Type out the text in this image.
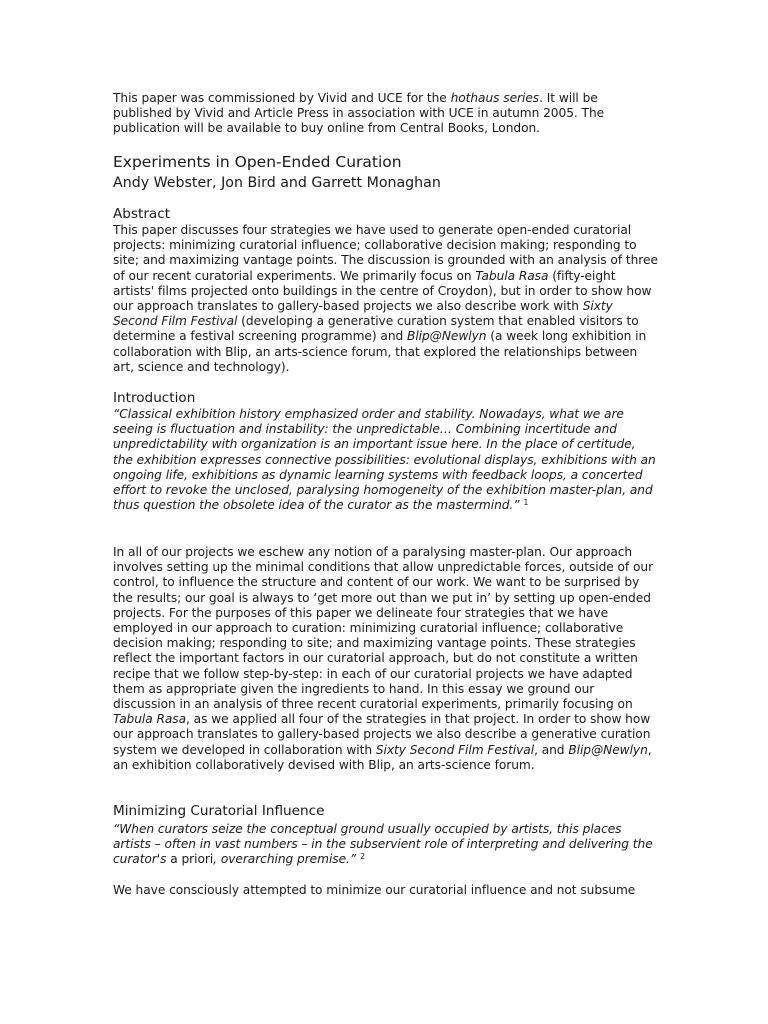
This paper was commissioned by Vivid and UCE for the hothaus series. It will be published by Vivid and Article Press in association with UCE in autumn 2005. The publication will be available to buy online from Central Books, London.

Experiments in Open-Ended Curation
Andy Webster, Jon Bird and Garrett Monaghan
Abstract

This paper discusses four strategies we have used to generate open-ended curatorial projects: minimizing curatorial influence; collaborative decision making; responding to site; and maximizing vantage points. The discussion is grounded with an analysis of three of our recent curatorial experiments. We primarily focus on Tabula Rasa (fifty-eight artists' films projected onto buildings in the centre of Croydon), but in order to show how our approach translates to gallery-based projects we also describe work with Sixty Second Film Festival (developing a generative curation system that enabled visitors to determine a festival screening programme) and Blip@Newlyn (a week long exhibition in collaboration with Blip, an arts-science forum, that explored the relationships between art, science and technology).

Introduction

“Classical exhibition history emphasized order and stability. Nowadays, what we are seeing is fluctuation and instability: the unpredictable… Combining incertitude and unpredictability with organization is an important issue here. In the place of certitude, the exhibition expresses connective possibilities: evolutional displays, exhibitions with an ongoing life, exhibitions as dynamic learning systems with feedback loops, a concerted effort to revoke the unclosed, paralysing homogeneity of the exhibition master-plan, and thus question the obsolete idea of the curator as the mastermind.” $^1$

In all of our projects we eschew any notion of a paralysing master-plan. Our approach involves setting up the minimal conditions that allow unpredictable forces, outside of our control, to influence the structure and content of our work. We want to be surprised by the results; our goal is always to ‘get more out than we put in’ by setting up open-ended projects. For the purposes of this paper we delineate four strategies that we have employed in our approach to curation: minimizing curatorial influence; collaborative decision making; responding to site; and maximizing vantage points. These strategies reflect the important factors in our curatorial approach, but do not constitute a written recipe that we follow step-by-step: in each of our curatorial projects we have adapted them as appropriate given the ingredients to hand. In this essay we ground our discussion in an analysis of three recent curatorial experiments, primarily focusing on Tabula Rasa, as we applied all four of the strategies in that project. In order to show how our approach translates to gallery-based projects we also describe a generative curation system we developed in collaboration with Sixty Second Film Festival, and Blip@Newlyn, an exhibition collaboratively devised with Blip, an arts-science forum.

Minimizing Curatorial Influence

“When curators seize the conceptual ground usually occupied by artists, this places artists – often in vast numbers – in the subservient role of interpreting and delivering the curator's a priori, overarching premise.” $^2$

We have consciously attempted to minimize our curatorial influence and not subsume
